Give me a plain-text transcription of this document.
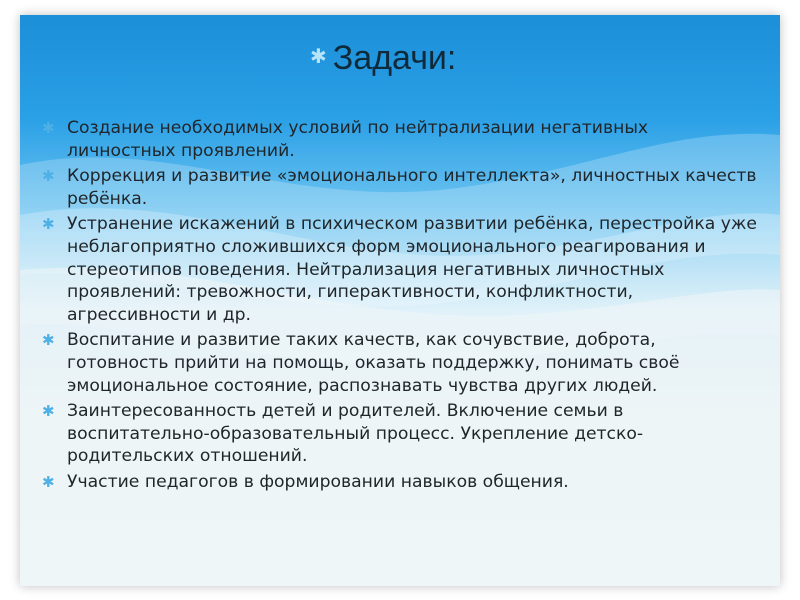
✱ Задачи:
✱ Создание необходимых условий по нейтрализации негативных личностных проявлений.
✱ Коррекция и развитие «эмоционального интеллекта», личностных качеств ребёнка.
✱ Устранение искажений в психическом развитии ребёнка, перестройка уже неблагоприятно сложившихся форм эмоционального реагирования и стереотипов поведения. Нейтрализация негативных личностных проявлений: тревожности, гиперактивности, конфликтности, агрессивности и др.
✱ Воспитание и развитие таких качеств, как сочувствие, доброта, готовность прийти на помощь, оказать поддержку, понимать своё эмоциональное состояние, распознавать чувства других людей.
✱ Заинтересованность детей и родителей. Включение семьи в воспитательно-образовательный процесс. Укрепление детско-родительских отношений.
✱ Участие педагогов в формировании навыков общения.
